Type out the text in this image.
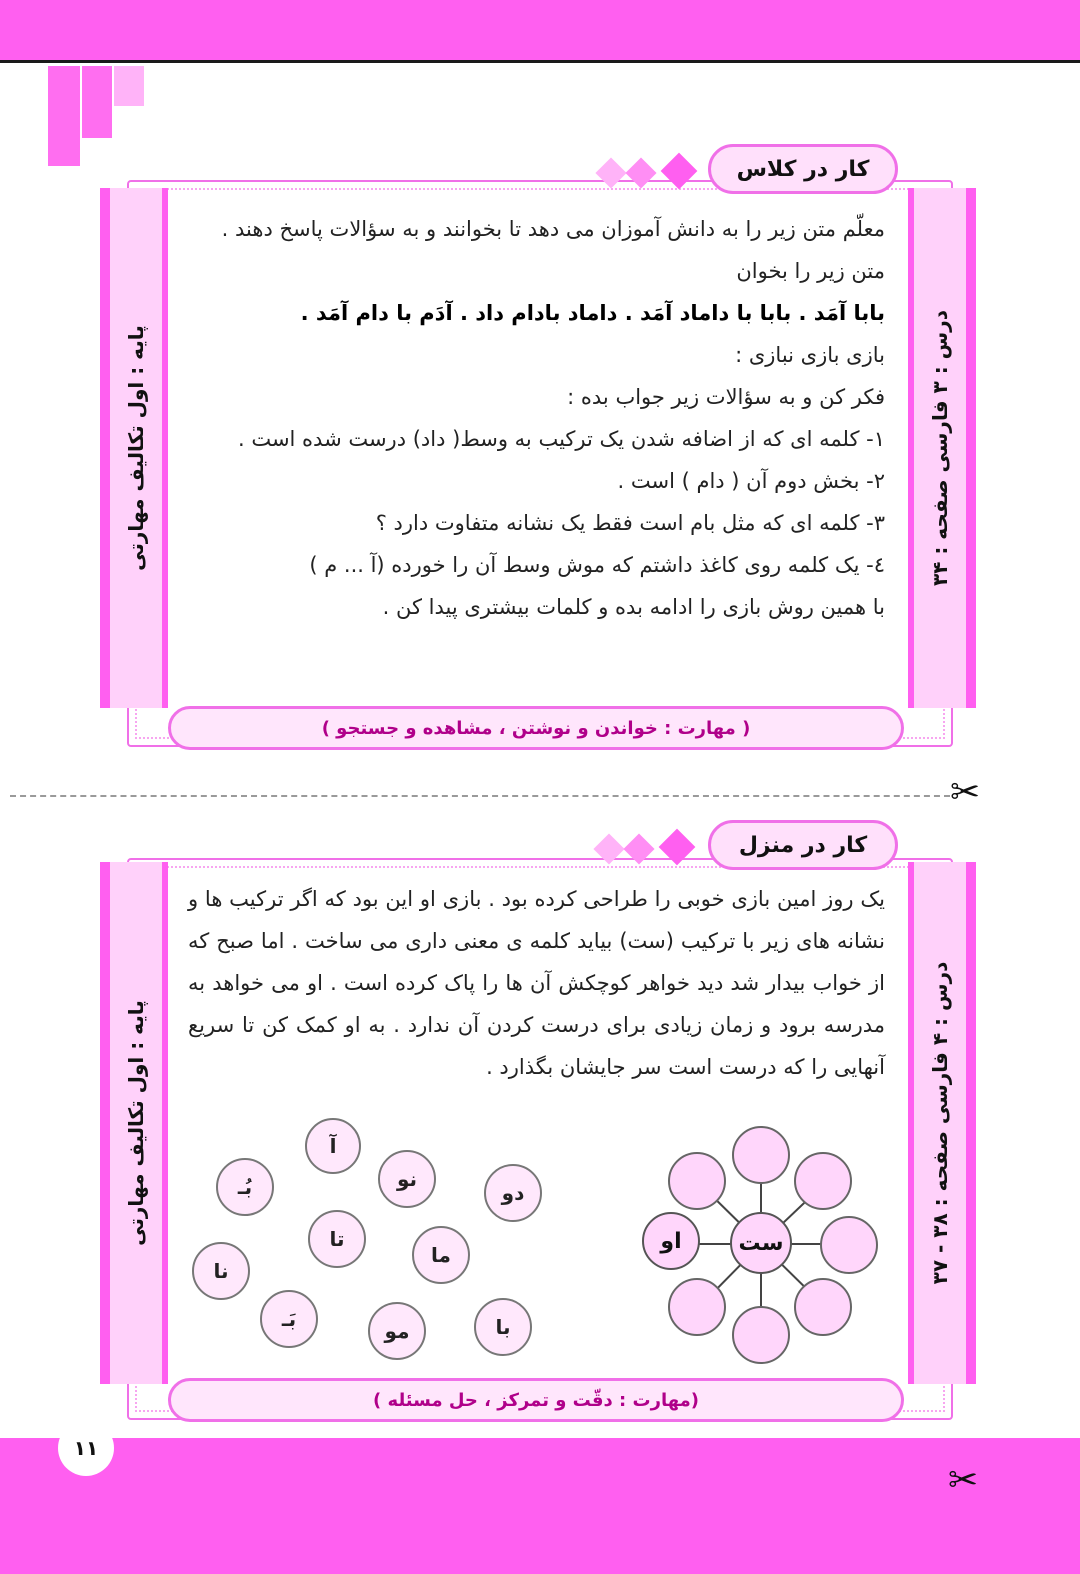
پایه : اول تکالیف مهارتی
درس : ۳ فارسی صفحه : ۳۴
کار در کلاس

معلّم متن زیر را به دانش آموزان می دهد تا بخوانند و به سؤالات پاسخ دهند .

متن زیر را بخوان

بابا آمَد . بابا با داماد آمَد . داماد بادام داد . آدَم با دام آمَد .

بازی بازی نبازی :

فکر کن و به سؤالات زیر جواب بده :

۱- کلمه ای که از اضافه شدن یک ترکیب به وسط( داد) درست شده است .

۲- بخش دوم آن ( دام ) است .

۳- کلمه ای که مثل بام است فقط یک نشانه متفاوت دارد ؟

٤- یک کلمه روی کاغذ داشتم که موش وسط آن را خورده (آ ... م )

با همین روش بازی را ادامه بده و کلمات بیشتری پیدا کن .

( مهارت : خواندن و نوشتن ، مشاهده و جستجو )
✂
پایه : اول تکالیف مهارتی
درس : ۴ فارسی صفحه : ۳۸ - ۳۷
کار در منزل
یک روز امین بازی خوبی را طراحی کرده بود . بازی او این بود که اگر ترکیب ها و نشانه های زیر با ترکیب (ست) بیاید کلمه ی معنی داری می ساخت . اما صبح که از خواب بیدار شد دید خواهر کوچکش آن ها را پاک کرده است . او می خواهد به مدرسه برود و زمان زیادی برای درست کردن آن ندارد . به او کمک کن تا سریع آنهایی را که درست است سر جایشان بگذارد .
آ
نو
دو
بُـ
تا
ما
نا
بَـ	مو	با
او	ست
(مهارت : دقّت و تمرکز ، حل مسئله )
۱۱
✂
